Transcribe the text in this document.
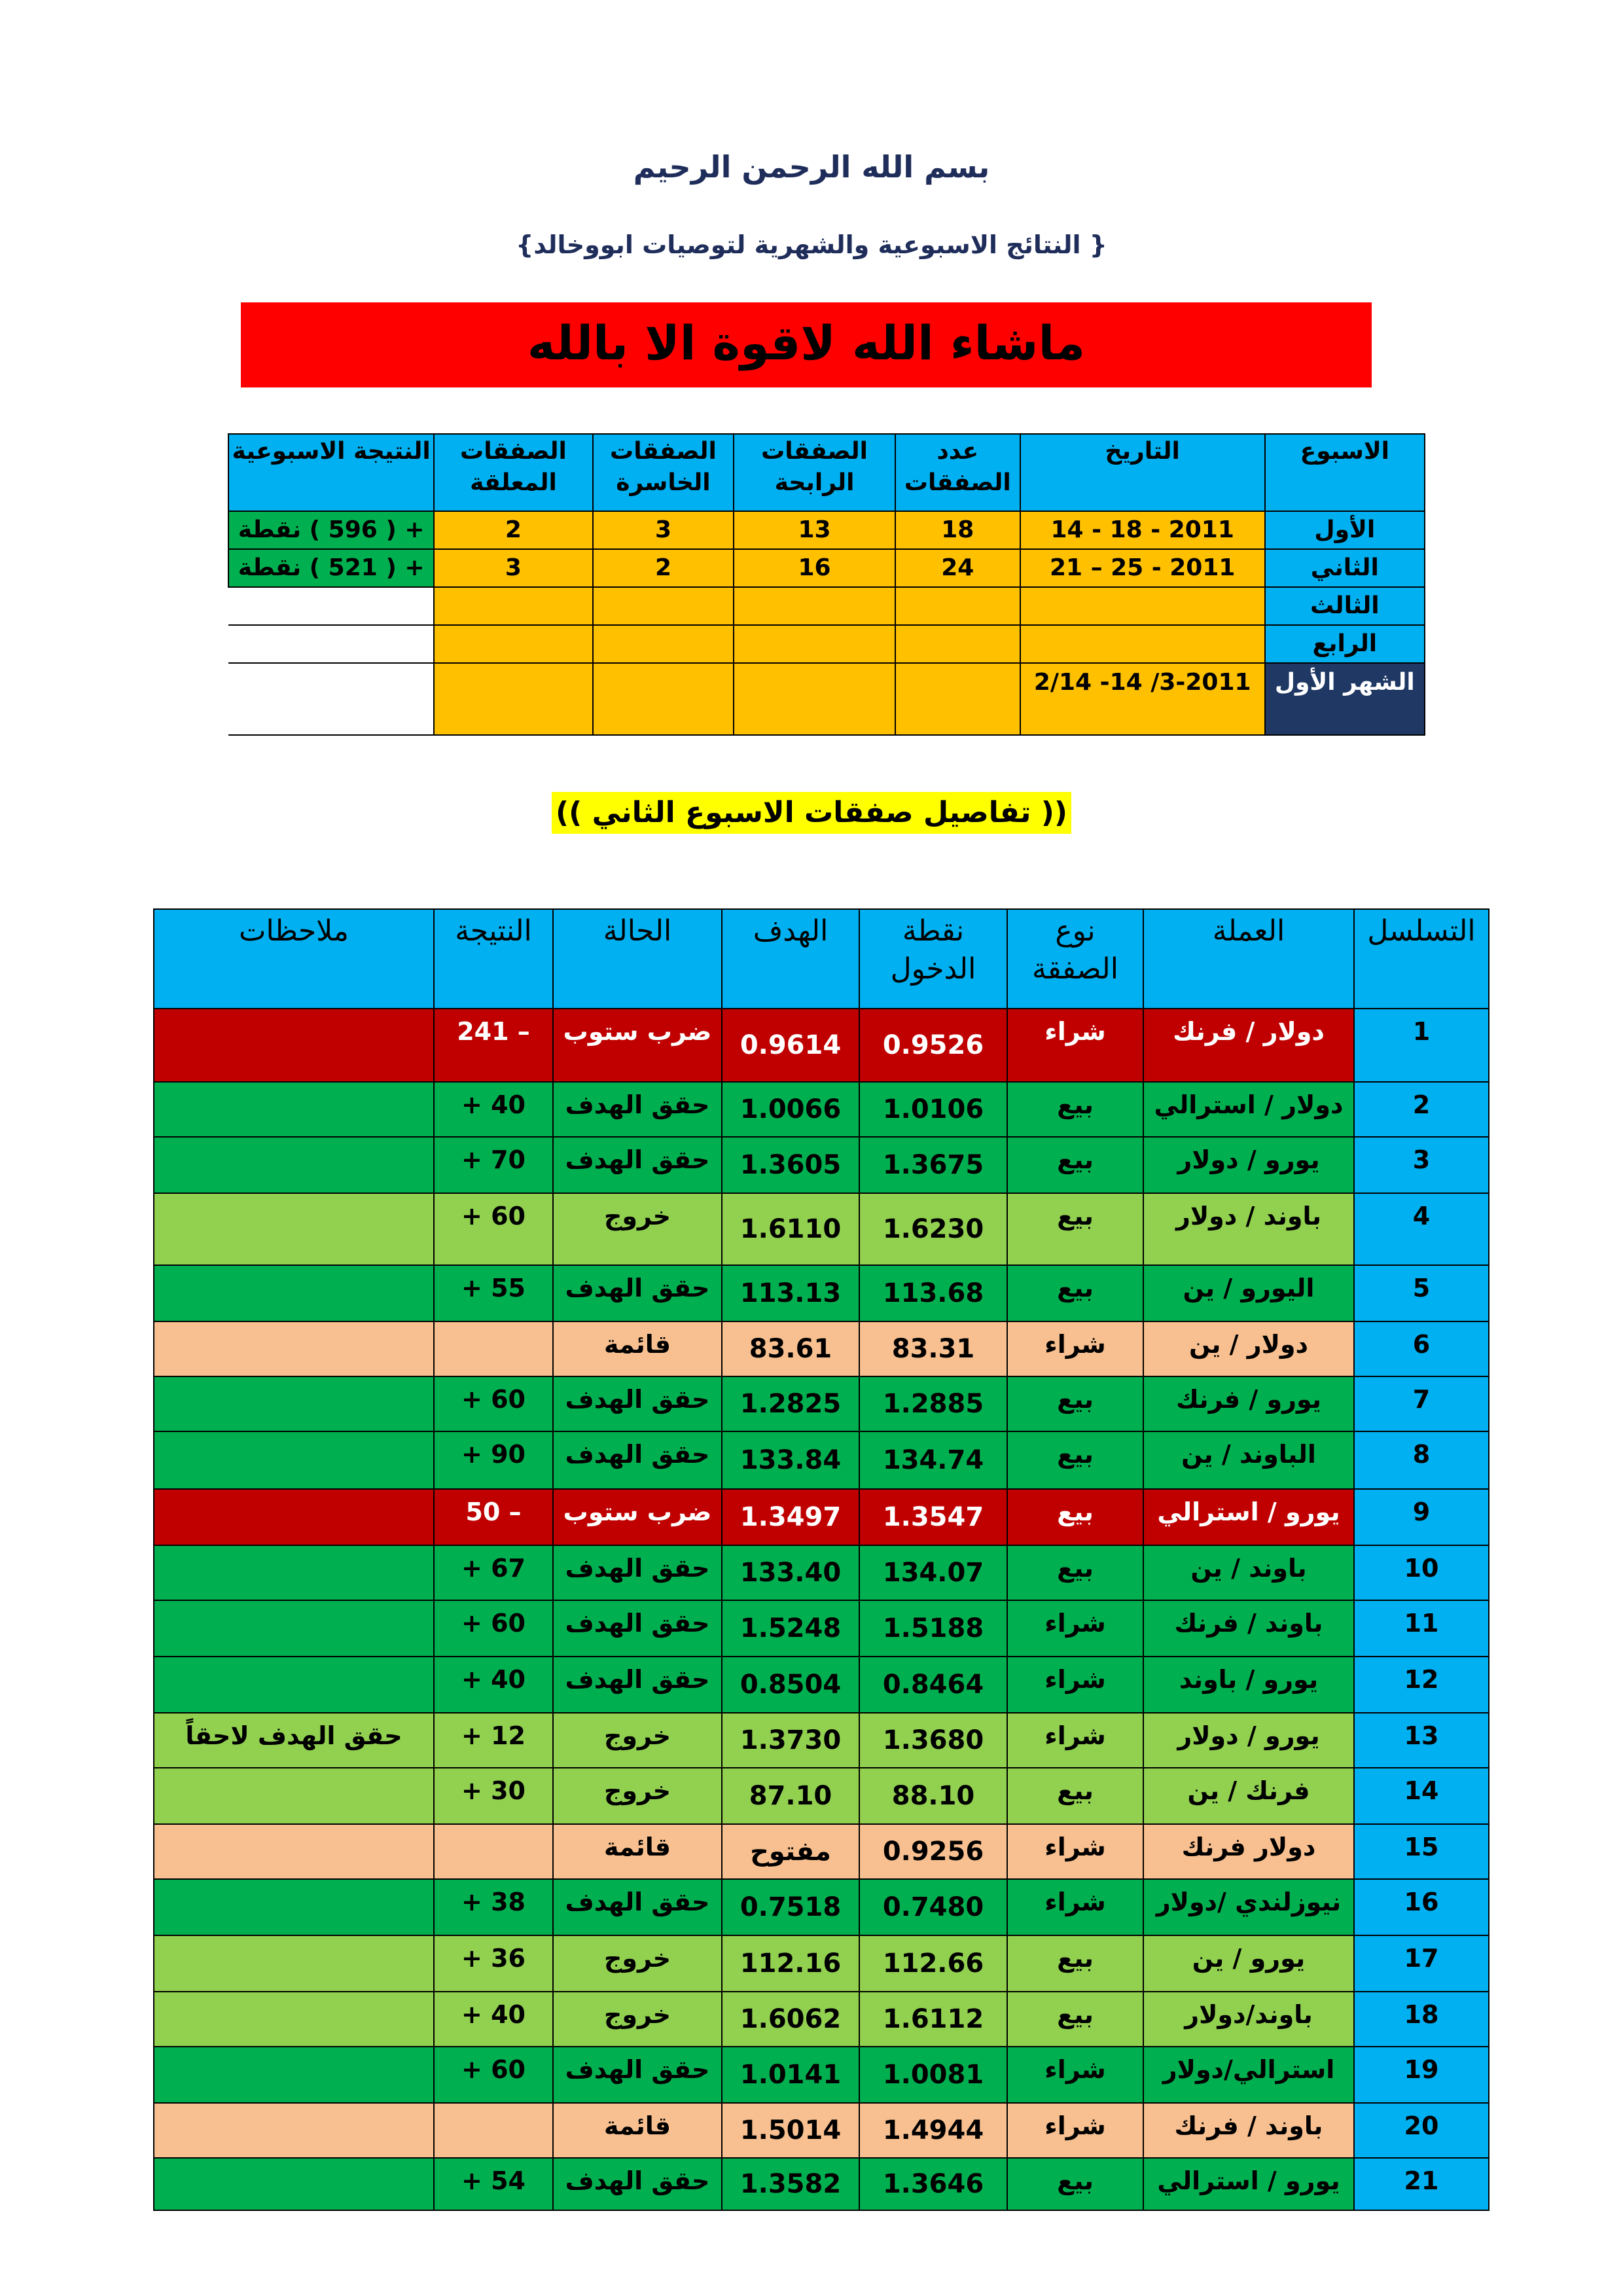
بسم الله الرحمن الرحيم
{ النتائج الاسبوعية والشهرية لتوصيات ابووخالد}
ماشاء الله لاقوة الا بالله
الاسبوع	التاريخ	عدد الصفقات	الصفقات الرابحة	الصفقات الخاسرة	الصفقات المعلقة	النتيجة الاسبوعية
الأول	14 - 18 - 2011	18	13	3	2	+ ( 596 ) نقطة
الثاني	21 – 25 - 2011	24	16	2	3	+ ( 521 ) نقطة
الثالث						
الرابع						
الشهر الأول	2/14 -14 /3-2011					
(( تفاصيل صفقات الاسبوع الثاني ))
التسلسل	العملة	نوع الصفقة	نقطة الدخول	الهدف	الحالة	النتيجة	ملاحظات
1	دولار / فرنك	شراء	0.9526	0.9614	ضرب ستوب	241 –	
2	دولار / استرالي	بيع	1.0106	1.0066	حقق الهدف	+ 40	
3	يورو / دولار	بيع	1.3675	1.3605	حقق الهدف	+ 70	
4	باوند / دولار	بيع	1.6230	1.6110	خروج	+ 60	
5	اليورو / ين	بيع	113.68	113.13	حقق الهدف	+ 55	
6	دولار / ين	شراء	83.31	83.61	قائمة		
7	يورو / فرنك	بيع	1.2885	1.2825	حقق الهدف	+ 60	
8	الباوند / ين	بيع	134.74	133.84	حقق الهدف	+ 90	
9	يورو / استرالي	بيع	1.3547	1.3497	ضرب ستوب	50 –	
10	باوند / ين	بيع	134.07	133.40	حقق الهدف	+ 67	
11	باوند / فرنك	شراء	1.5188	1.5248	حقق الهدف	+ 60	
12	يورو / باوند	شراء	0.8464	0.8504	حقق الهدف	+ 40	
13	يورو / دولار	شراء	1.3680	1.3730	خروج	+ 12	حقق الهدف لاحقاً
14	فرنك / ين	بيع	88.10	87.10	خروج	+ 30	
15	دولار فرنك	شراء	0.9256	مفتوح	قائمة		
16	نيوزلندي /دولار	شراء	0.7480	0.7518	حقق الهدف	+ 38	
17	يورو / ين	بيع	112.66	112.16	خروج	+ 36	
18	باوند/دولار	بيع	1.6112	1.6062	خروج	+ 40	
19	استرالي/دولار	شراء	1.0081	1.0141	حقق الهدف	+ 60	
20	باوند / فرنك	شراء	1.4944	1.5014	قائمة		
21	يورو / استرالي	بيع	1.3646	1.3582	حقق الهدف	+ 54	
